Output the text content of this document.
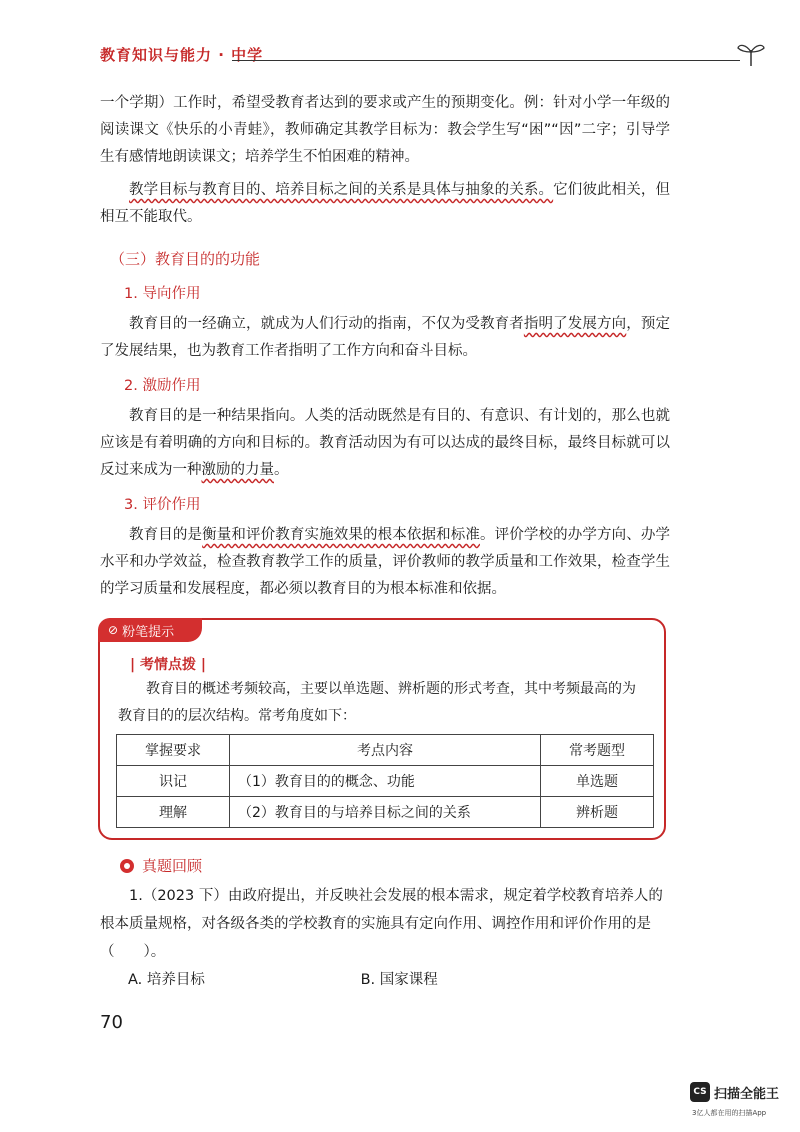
教育知识与能力 · 中学

一个学期）工作时，希望受教育者达到的要求或产生的预期变化。例：针对小学一年级的阅读课文《快乐的小青蛙》，教师确定其教学目标为：教会学生写“困”“因”二字；引导学生有感情地朗读课文；培养学生不怕困难的精神。

教学目标与教育目的、培养目标之间的关系是具体与抽象的关系。它们彼此相关，但相互不能取代。

（三）教育目的的功能
1. 导向作用

教育目的一经确立，就成为人们行动的指南，不仅为受教育者指明了发展方向，预定了发展结果，也为教育工作者指明了工作方向和奋斗目标。

2. 激励作用

教育目的是一种结果指向。人类的活动既然是有目的、有意识、有计划的，那么也就应该是有着明确的方向和目标的。教育活动因为有可以达成的最终目标，最终目标就可以反过来成为一种激励的力量。

3. 评价作用

教育目的是衡量和评价教育实施效果的根本依据和标准。评价学校的办学方向、办学水平和办学效益，检查教育教学工作的质量，评价教师的教学质量和工作效果，检查学生的学习质量和发展程度，都必须以教育目的为根本标准和依据。

⊘ 粉笔提示
| 考情点拨 |

教育目的概述考频较高，主要以单选题、辨析题的形式考查，其中考频最高的为教育目的的层次结构。常考角度如下：

掌握要求	考点内容	常考题型
识记	（1）教育目的的概念、功能	单选题
理解	（2）教育目的与培养目标之间的关系	辨析题
真题回顾

1.（2023 下）由政府提出，并反映社会发展的根本需求，规定着学校教育培养人的根本质量规格，对各级各类的学校教育的实施具有定向作用、调控作用和评价作用的是（　　）。

A. 培养目标	B. 国家课程
70
CS 扫描全能王
3亿人都在用的扫描App
